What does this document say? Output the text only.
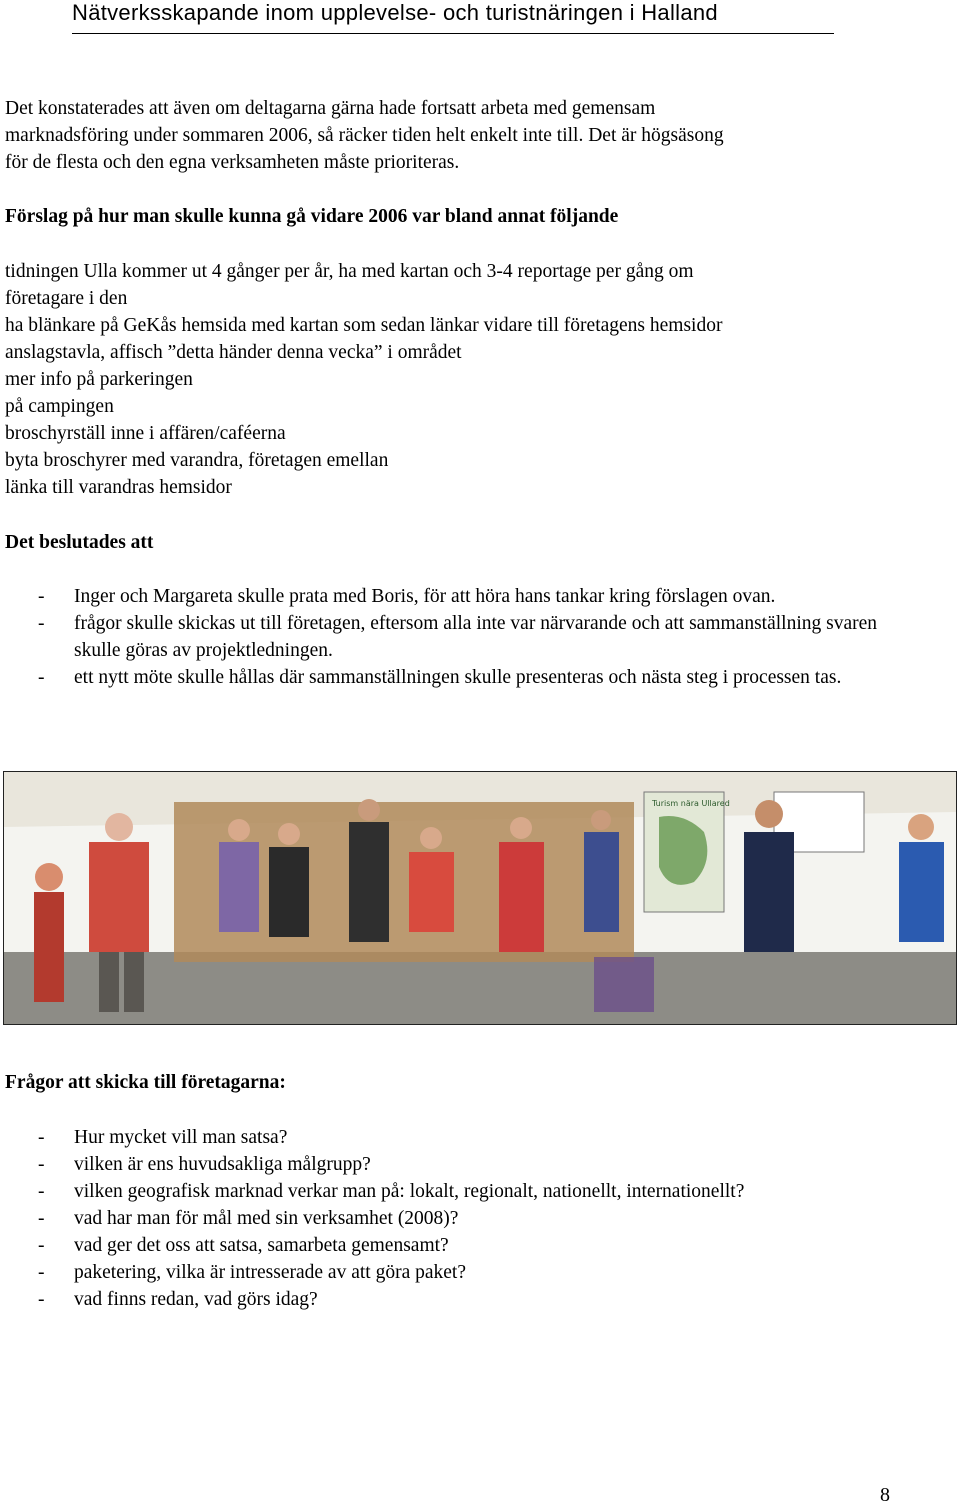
Nätverksskapande inom upplevelse- och turistnäringen i Halland
Det konstaterades att även om deltagarna gärna hade fortsatt arbeta med gemensam
marknadsföring under sommaren 2006, så räcker tiden helt enkelt inte till. Det är högsäsong
för de flesta och den egna verksamheten måste prioriteras.
Förslag på hur man skulle kunna gå vidare 2006 var bland annat följande
tidningen Ulla kommer ut 4 gånger per år, ha med kartan och 3-4 reportage per gång om
företagare i den
ha blänkare på GeKås hemsida med kartan som sedan länkar vidare till företagens hemsidor
anslagstavla, affisch ”detta händer denna vecka” i området
mer info på parkeringen
på campingen
broschyrställ inne i affären/caféerna
byta broschyrer med varandra, företagen emellan
länka till varandras hemsidor
Det beslutades att
- Inger och Margareta skulle prata med Boris, för att höra hans tankar kring förslagen ovan.
- frågor skulle skickas ut till företagen, eftersom alla inte var närvarande och att sammanställning svaren skulle göras av projektledningen.
- ett nytt möte skulle hållas där sammanställningen skulle presenteras och nästa steg i processen tas.
Turism nära Ullared
Frågor att skicka till företagarna:
- Hur mycket vill man satsa?
- vilken är ens huvudsakliga målgrupp?
- vilken geografisk marknad verkar man på: lokalt, regionalt, nationellt, internationellt?
- vad har man för mål med sin verksamhet (2008)?
- vad ger det oss att satsa, samarbeta gemensamt?
- paketering, vilka är intresserade av att göra paket?
- vad finns redan, vad görs idag?
8
